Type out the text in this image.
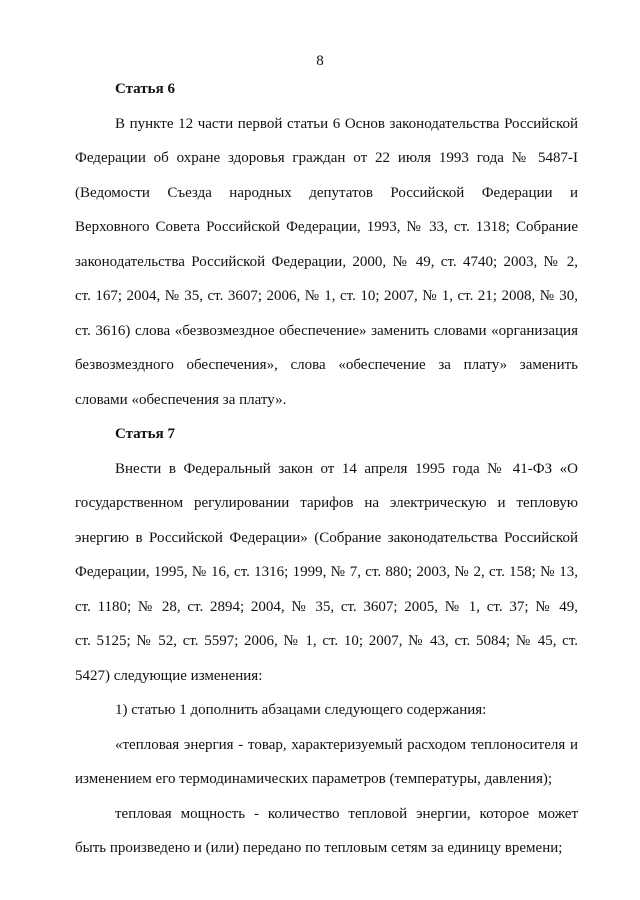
8
Статья 6
В пункте 12 части первой статьи 6 Основ законодательства Российской
Федерации об охране здоровья граждан от 22 июля 1993 года № 5487-I
(Ведомости Съезда народных депутатов Российской Федерации и
Верховного Совета Российской Федерации, 1993, № 33, ст. 1318; Собрание
законодательства Российской Федерации, 2000, № 49, ст. 4740; 2003, № 2,
ст. 167; 2004, № 35, ст. 3607; 2006, № 1, ст. 10; 2007, № 1, ст. 21; 2008, № 30,
ст. 3616) слова «безвозмездное обеспечение» заменить словами «организация
безвозмездного обеспечения», слова «обеспечение за плату» заменить
словами «обеспечения за плату».
Статья 7
Внести в Федеральный закон от 14 апреля 1995 года № 41-ФЗ «О
государственном регулировании тарифов на электрическую и тепловую
энергию в Российской Федерации» (Собрание законодательства Российской
Федерации, 1995, № 16, ст. 1316; 1999, № 7, ст. 880; 2003, № 2, ст. 158; № 13,
ст. 1180; № 28, ст. 2894; 2004, № 35, ст. 3607; 2005, № 1, ст. 37; № 49,
ст. 5125; № 52, ст. 5597; 2006, № 1, ст. 10; 2007, № 43, ст. 5084; № 45, ст.
5427) следующие изменения:
1) статью 1 дополнить абзацами следующего содержания:
«тепловая энергия - товар, характеризуемый расходом теплоносителя и
изменением его термодинамических параметров (температуры, давления);
тепловая мощность - количество тепловой энергии, которое может
быть произведено и (или) передано по тепловым сетям за единицу времени;
